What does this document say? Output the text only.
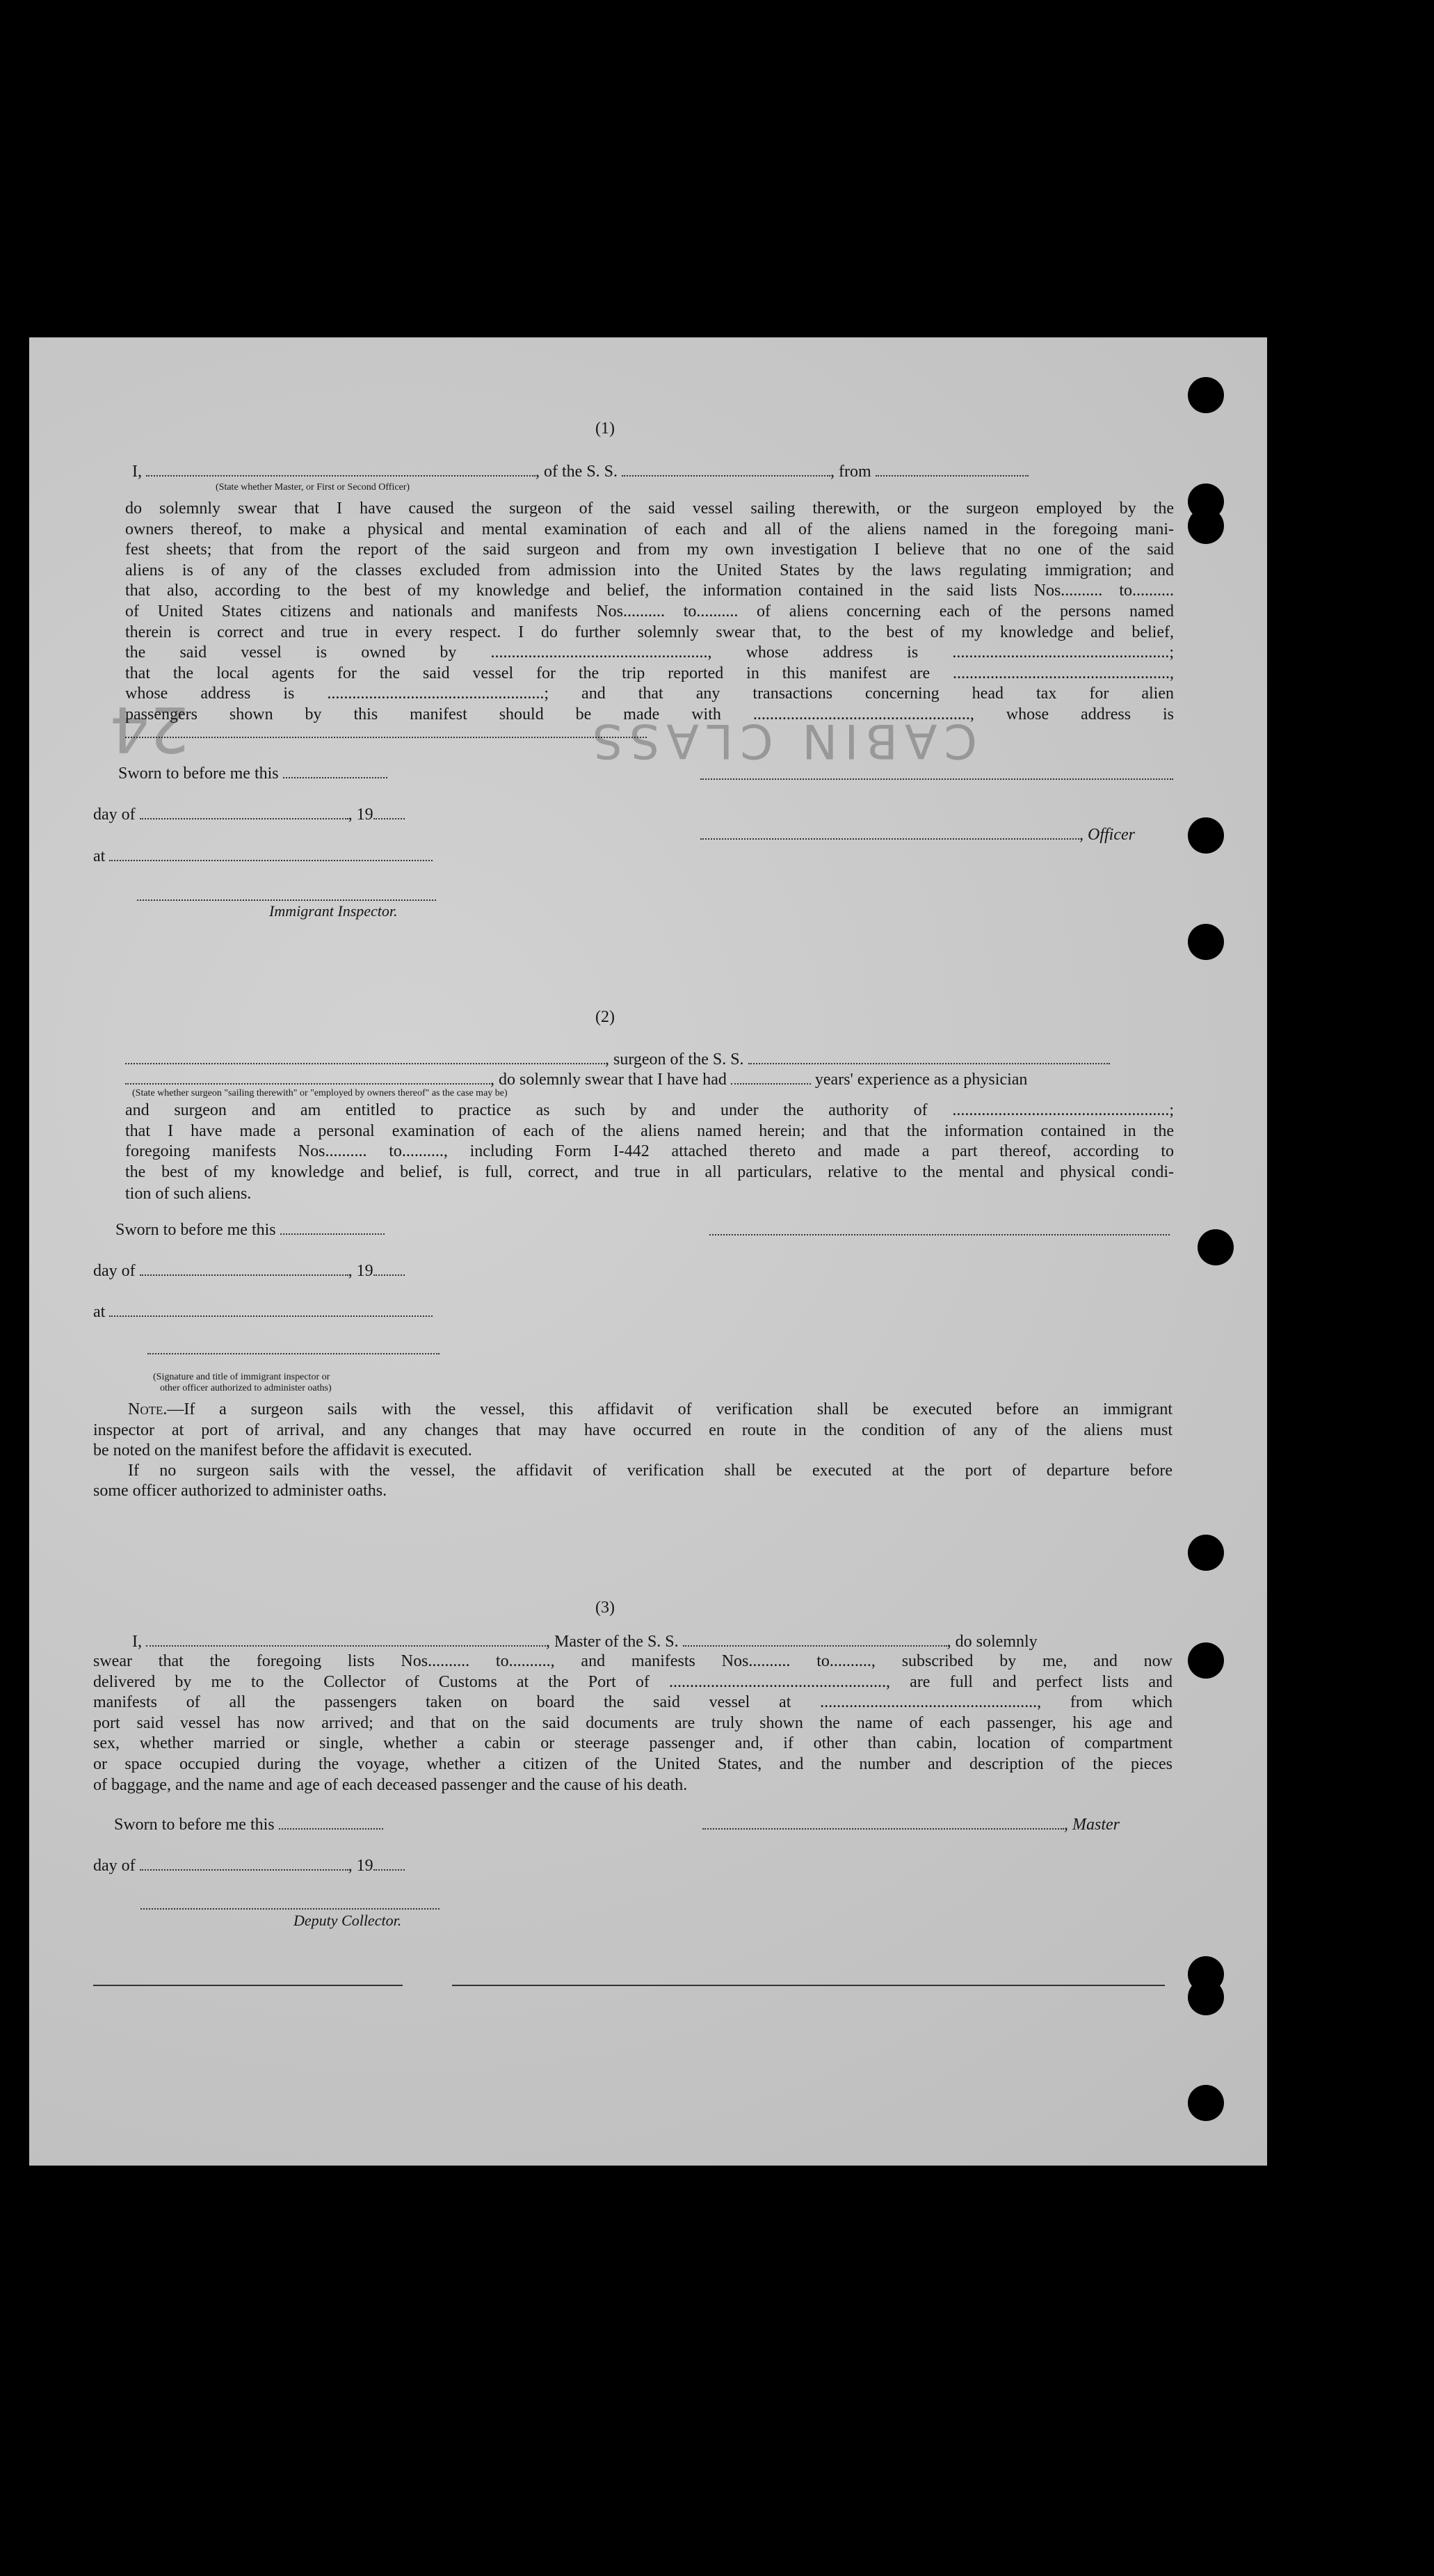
24	CABIN CLASS
(1)
I,	, of the S. S.	, from
(State whether Master, or First or Second Officer)
do solemnly swear that I have caused the surgeon of the said vessel sailing therewith, or the surgeon employed by the
owners thereof, to make a physical and mental examination of each and all of the aliens named in the foregoing mani-
fest sheets; that from the report of the said surgeon and from my own investigation I believe that no one of the said
aliens is of any of the classes excluded from admission into the United States by the laws regulating immigration; and
that also, according to the best of my knowledge and belief, the information contained in the said lists Nos.......... to..........
of United States citizens and nationals and manifests Nos.......... to.......... of aliens concerning each of the persons named
therein is correct and true in every respect. I do further solemnly swear that, to the best of my knowledge and belief,
the said vessel is owned by ...................................................., whose address is ....................................................;
that the local agents for the said vessel for the trip reported in this manifest are ....................................................,
whose address is ....................................................; and that any transactions concerning head tax for alien
passengers shown by this manifest should be made with ...................................................., whose address is
Sworn to before me this
day of	, 19
, Officer
at
Immigrant Inspector.
(2)
, surgeon of the S. S.
, do solemnly swear that I have had	years' experience as a physician
(State whether surgeon "sailing therewith" or "employed by owners thereof" as the case may be)
and surgeon and am entitled to practice as such by and under the authority of ....................................................;
that I have made a personal examination of each of the aliens named herein; and that the information contained in the
foregoing manifests Nos.......... to.........., including Form I-442 attached thereto and made a part thereof, according to
the best of my knowledge and belief, is full, correct, and true in all particulars, relative to the mental and physical condi-
tion of such aliens.
Sworn to before me this
day of	, 19
at
(Signature and title of immigrant inspector or
other officer authorized to administer oaths)
Note.—If a surgeon sails with the vessel, this affidavit of verification shall be executed before an immigrant
inspector at port of arrival, and any changes that may have occurred en route in the condition of any of the aliens must
be noted on the manifest before the affidavit is executed.
If no surgeon sails with the vessel, the affidavit of verification shall be executed at the port of departure before
some officer authorized to administer oaths.
(3)
I,	, Master of the S. S.	, do solemnly
swear that the foregoing lists Nos.......... to.........., and manifests Nos.......... to.........., subscribed by me, and now
delivered by me to the Collector of Customs at the Port of ...................................................., are full and perfect lists and
manifests of all the passengers taken on board the said vessel at ...................................................., from which
port said vessel has now arrived; and that on the said documents are truly shown the name of each passenger, his age and
sex, whether married or single, whether a cabin or steerage passenger and, if other than cabin, location of compartment
or space occupied during the voyage, whether a citizen of the United States, and the number and description of the pieces
of baggage, and the name and age of each deceased passenger and the cause of his death.
Sworn to before me this	, Master
day of	, 19
Deputy Collector.
